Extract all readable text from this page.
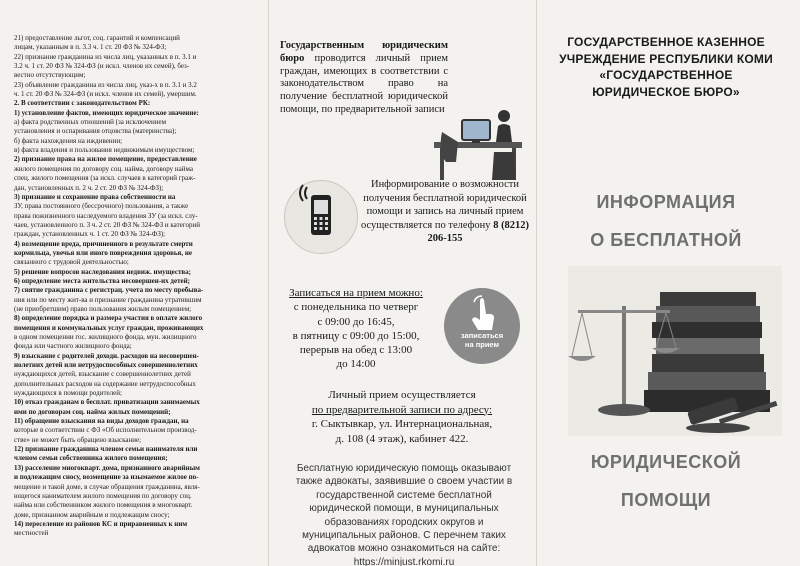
21) предоставление льгот, соц. гарантий и компенсаций

лицам, указанным в п. 3.3 ч. 1 ст. 20 ФЗ № 324-ФЗ;

22) признание гражданина из числа лиц, указанных в п. 3.1 и

3.2 ч. 1 ст. 20 ФЗ № 324-ФЗ (и искл. членов их семей), без-

вестно отсутствующим;

23) объявление гражданина из числа лиц, указ-х в п. 3.1 и 3.2

ч. 1 ст. 20 ФЗ № 324-ФЗ (и искл. членов их семей), умершим.

2. В соответствии с законодательством РК:

1) установление фактов, имеющих юридическое значение:

а) факта родственных отношений (за исключением

установления и оспаривания отцовства (материнства);

б) факта нахождения на иждивении;

в) факта владения и пользования недвижимым имуществом;

2) признание права на жилое помещение, предоставление

жилого помещения по договору соц. найма, договору найма

спец. жилого помещения (за искл. случаев в категорий граж-

дан, установленных п. 2 ч. 2 ст. 20 ФЗ № 324-ФЗ);

3) признание и сохранение права собственности на

ЗУ, права постоянного (бессрочного) пользования, а также

права пожизненного наследуемого владения ЗУ (за искл. слу-

чаев, установленного п. 3 ч. 2 ст. 20 ФЗ № 324-ФЗ и категорий

граждан, установленных ч. 1 ст. 20 ФЗ № 324-ФЗ);

4) возмещение вреда, причиненного в результате смерти

кормильца, увечья или иного повреждения здоровья, не

связанного с трудовой деятельностью;

5) решение вопросов наследования недвиж. имущества;

6) определение места жительства несовершен-их детей;

7) снятие гражданина с регистрац. учета по месту пребыва-

ния или по месту жит-ва и признание гражданина утратившим

(не приобретшим) право пользования жилым помещением;

8) определение порядка и размера участия в оплате жилого

помещения и коммунальных услуг граждан, проживающих

в одном помещении гос. жилищного фонда, мун. жилищного

фонда или частного жилищного фонда;

9) взыскание с родителей доходн. расходов на несовершен-

нолетних детей или нетрудоспособных совершеннолетних

нуждающихся детей, взыскание с совершеннолетних детей

дополнительных расходов на содержание нетрудоспособных

нуждающихся в помощи родителей;

10) отказ гражданам в бесплат. приватизации занимаемых

ими по договорам соц. найма жилых помещений;

11) обращение взыскания на виды доходов граждан, на

которые в соответствии с ФЗ «Об исполнительном производ-

стве» не может быть обращено взыскание;

12) признание гражданина членом семьи нанимателя или

членом семьи собственника жилого помещения;

13) расселение многокварт. дома, признанного аварийным

и подлежащим сносу, возмещение за изымаемое жилое по-

мещение и такой доме, в случае обращения гражданина, явля-

ющегося нанимателем жилого помещения по договору соц.

найма или собственником жилого помещения в многокварт.

доме, признанном аварийным и подлежащим сносу;

14) переселение из районов КС и приравненных к ним

местностей

Государственным юридическим бюро проводится личный прием граждан, имеющих в соответствии с законодательством право на получение бесплатной юридической помощи, по предварительной записи

Информирование о возможности получения бесплатной юридической помощи и запись на личный прием осуществляется по телефону 8 (8212) 206-155
Записаться на прием можно:
с понедельника по четверг
с 09:00 до 16:45,
в пятницу с 09:00 до 15:00,
перерыв на обед с 13:00
до 14:00
записаться
на прием
Личный прием осуществляется
по предварительной записи по адресу:
г. Сыктывкар, ул. Интернациональная,
д. 108 (4 этаж), кабинет 422.
Бесплатную юридическую помощь оказывают
также адвокаты, заявившие о своем участии в
государственной системе бесплатной
юридической помощи, в муниципальных
образованиях городских округов и
муниципальных районов. С перечнем таких
адвокатов можно ознакомиться на сайте:
https://minjust.rkomi.ru

ГОСУДАРСТВЕННОЕ КАЗЕННОЕ

УЧРЕЖДЕНИЕ РЕСПУБЛИКИ КОМИ

«ГОСУДАРСТВЕННОЕ

ЮРИДИЧЕСКОЕ БЮРО»

ИНФОРМАЦИЯ
О БЕСПЛАТНОЙ
ЮРИДИЧЕСКОЙ
ПОМОЩИ
